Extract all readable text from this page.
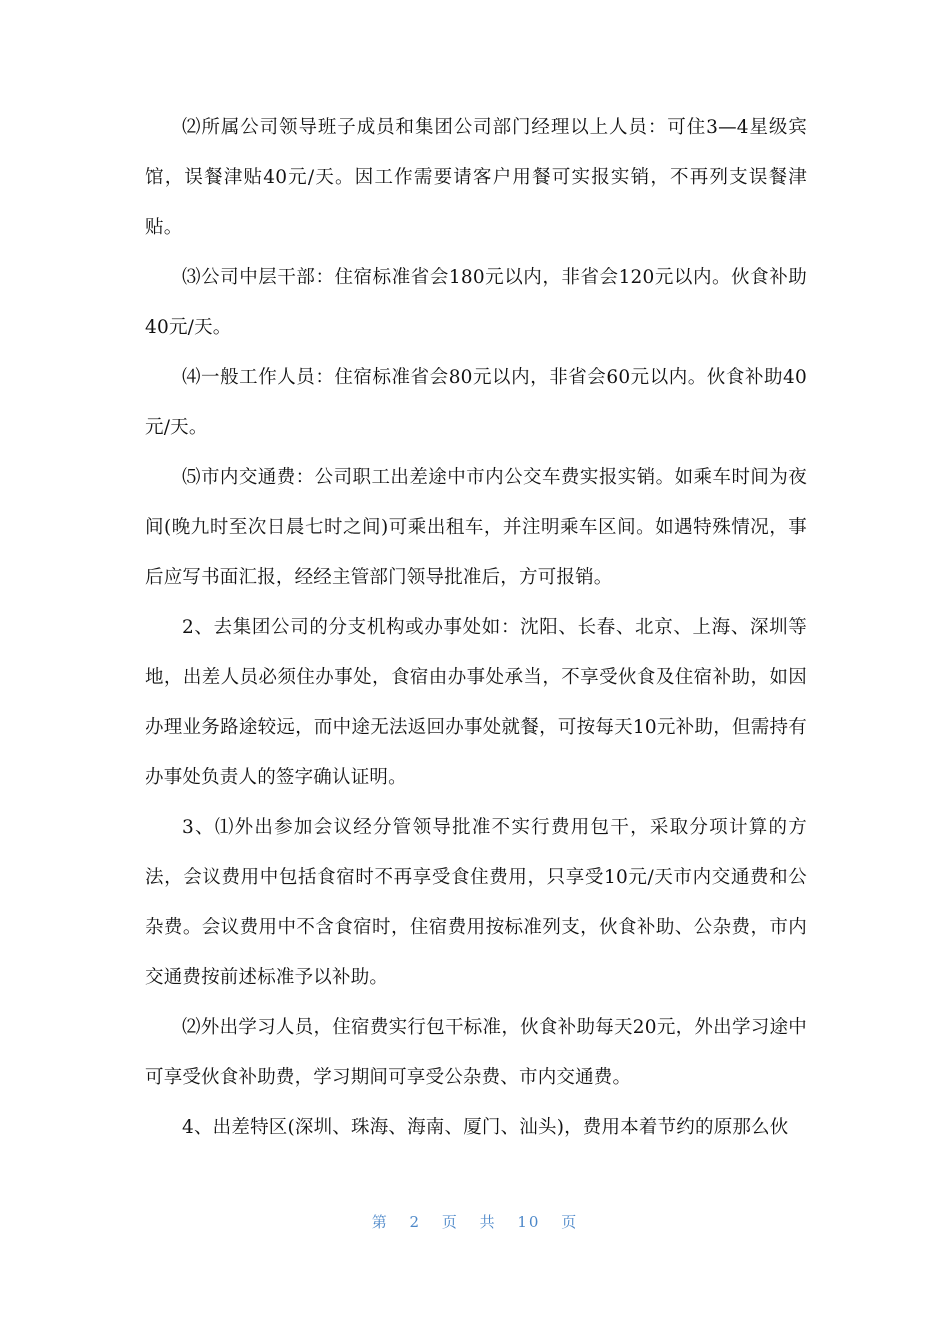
⑵所属公司领导班子成员和集团公司部门经理以上人员：可住3—4星级宾馆，误餐津贴40元/天。因工作需要请客户用餐可实报实销，不再列支误餐津贴。

⑶公司中层干部：住宿标准省会180元以内，非省会120元以内。伙食补助40元/天。

⑷一般工作人员：住宿标准省会80元以内，非省会60元以内。伙食补助40元/天。

⑸市内交通费：公司职工出差途中市内公交车费实报实销。如乘车时间为夜间(晚九时至次日晨七时之间)可乘出租车，并注明乘车区间。如遇特殊情况，事后应写书面汇报，经经主管部门领导批准后，方可报销。

2、去集团公司的分支机构或办事处如：沈阳、长春、北京、上海、深圳等地，出差人员必须住办事处，食宿由办事处承当，不享受伙食及住宿补助，如因办理业务路途较远，而中途无法返回办事处就餐，可按每天10元补助，但需持有办事处负责人的签字确认证明。

3、⑴外出参加会议经分管领导批准不实行费用包干，采取分项计算的方法，会议费用中包括食宿时不再享受食住费用，只享受10元/天市内交通费和公杂费。会议费用中不含食宿时，住宿费用按标准列支，伙食补助、公杂费，市内交通费按前述标准予以补助。

⑵外出学习人员，住宿费实行包干标准，伙食补助每天20元，外出学习途中可享受伙食补助费，学习期间可享受公杂费、市内交通费。

4、出差特区(深圳、珠海、海南、厦门、汕头)，费用本着节约的原那么伙

第 2 页 共 10 页
